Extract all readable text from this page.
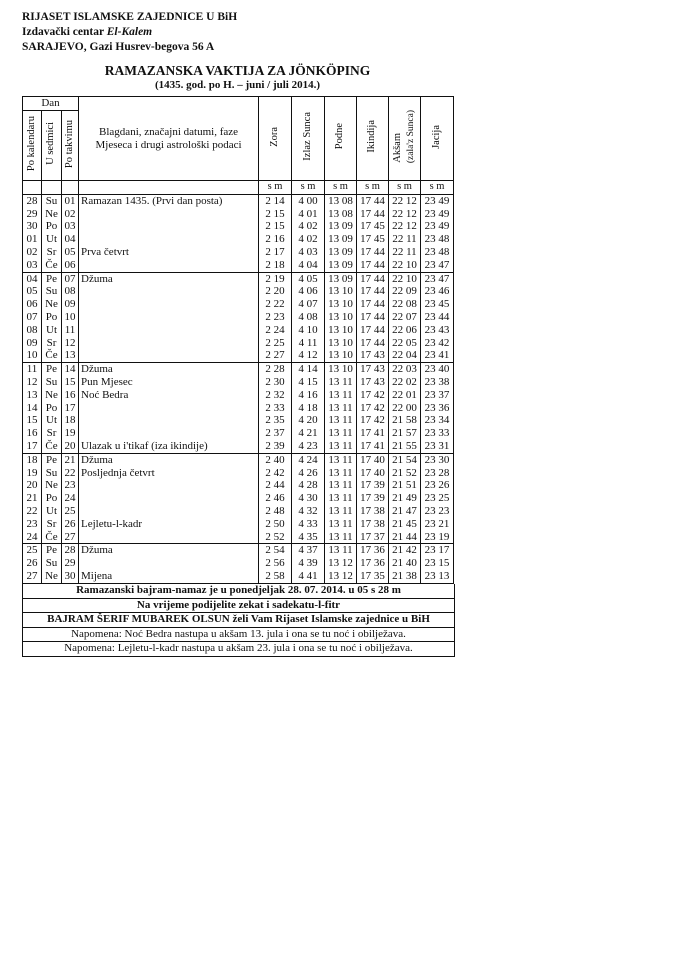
RIJASET ISLAMSKE ZAJEDNICE U BiH
Izdavački centar El-Kalem
SARAJEVO, Gazi Husrev-begova 56 A
RAMAZANSKA VAKTIJA ZA JÖNKÖPING
(1435. god. po H. – juni / juli 2014.)
Dan			Blagdani, značajni datumi, faze
Mjeseca i drugi astrološki podaci	Zora	Izlaz Sunca	Podne	Ikindija	Akšam (zala'z Sunca)	Jacija
Po kalendaru	U sedmici	Po takvimu							
				s m	s m	s m	s m	s m	s m
28	Su	01	Ramazan 1435. (Prvi dan posta)	2 14	4 00	13 08	17 44	22 12	23 49
29	Ne	02		2 15	4 01	13 08	17 44	22 12	23 49
30	Po	03		2 15	4 02	13 09	17 45	22 12	23 49
01	Ut	04		2 16	4 02	13 09	17 45	22 11	23 48
02	Sr	05	Prva četvrt	2 17	4 03	13 09	17 44	22 11	23 48
03	Če	06		2 18	4 04	13 09	17 44	22 10	23 47
04	Pe	07	Džuma	2 19	4 05	13 09	17 44	22 10	23 47
05	Su	08		2 20	4 06	13 10	17 44	22 09	23 46
06	Ne	09		2 22	4 07	13 10	17 44	22 08	23 45
07	Po	10		2 23	4 08	13 10	17 44	22 07	23 44
08	Ut	11		2 24	4 10	13 10	17 44	22 06	23 43
09	Sr	12		2 25	4 11	13 10	17 44	22 05	23 42
10	Če	13		2 27	4 12	13 10	17 43	22 04	23 41
11	Pe	14	Džuma	2 28	4 14	13 10	17 43	22 03	23 40
12	Su	15	Pun Mjesec	2 30	4 15	13 11	17 43	22 02	23 38
13	Ne	16	Noć Bedra	2 32	4 16	13 11	17 42	22 01	23 37
14	Po	17		2 33	4 18	13 11	17 42	22 00	23 36
15	Ut	18		2 35	4 20	13 11	17 42	21 58	23 34
16	Sr	19		2 37	4 21	13 11	17 41	21 57	23 33
17	Če	20	Ulazak u i'tikaf (iza ikindije)	2 39	4 23	13 11	17 41	21 55	23 31
18	Pe	21	Džuma	2 40	4 24	13 11	17 40	21 54	23 30
19	Su	22	Posljednja četvrt	2 42	4 26	13 11	17 40	21 52	23 28
20	Ne	23		2 44	4 28	13 11	17 39	21 51	23 26
21	Po	24		2 46	4 30	13 11	17 39	21 49	23 25
22	Ut	25		2 48	4 32	13 11	17 38	21 47	23 23
23	Sr	26	Lejletu-l-kadr	2 50	4 33	13 11	17 38	21 45	23 21
24	Če	27		2 52	4 35	13 11	17 37	21 44	23 19
25	Pe	28	Džuma	2 54	4 37	13 11	17 36	21 42	23 17
26	Su	29		2 56	4 39	13 12	17 36	21 40	23 15
27	Ne	30	Mijena	2 58	4 41	13 12	17 35	21 38	23 13
Ramazanski bajram-namaz je u ponedjeljak 28. 07. 2014. u 05 s 28 m
Na vrijeme podijelite zekat i sadekatu-l-fitr
BAJRAM ŠERIF MUBAREK OLSUN želi Vam Rijaset Islamske zajednice u BiH
Napomena: Noć Bedra nastupa u akšam 13. jula i ona se tu noć i obilježava.
Napomena: Lejletu-l-kadr nastupa u akšam 23. jula i ona se tu noć i obilježava.
